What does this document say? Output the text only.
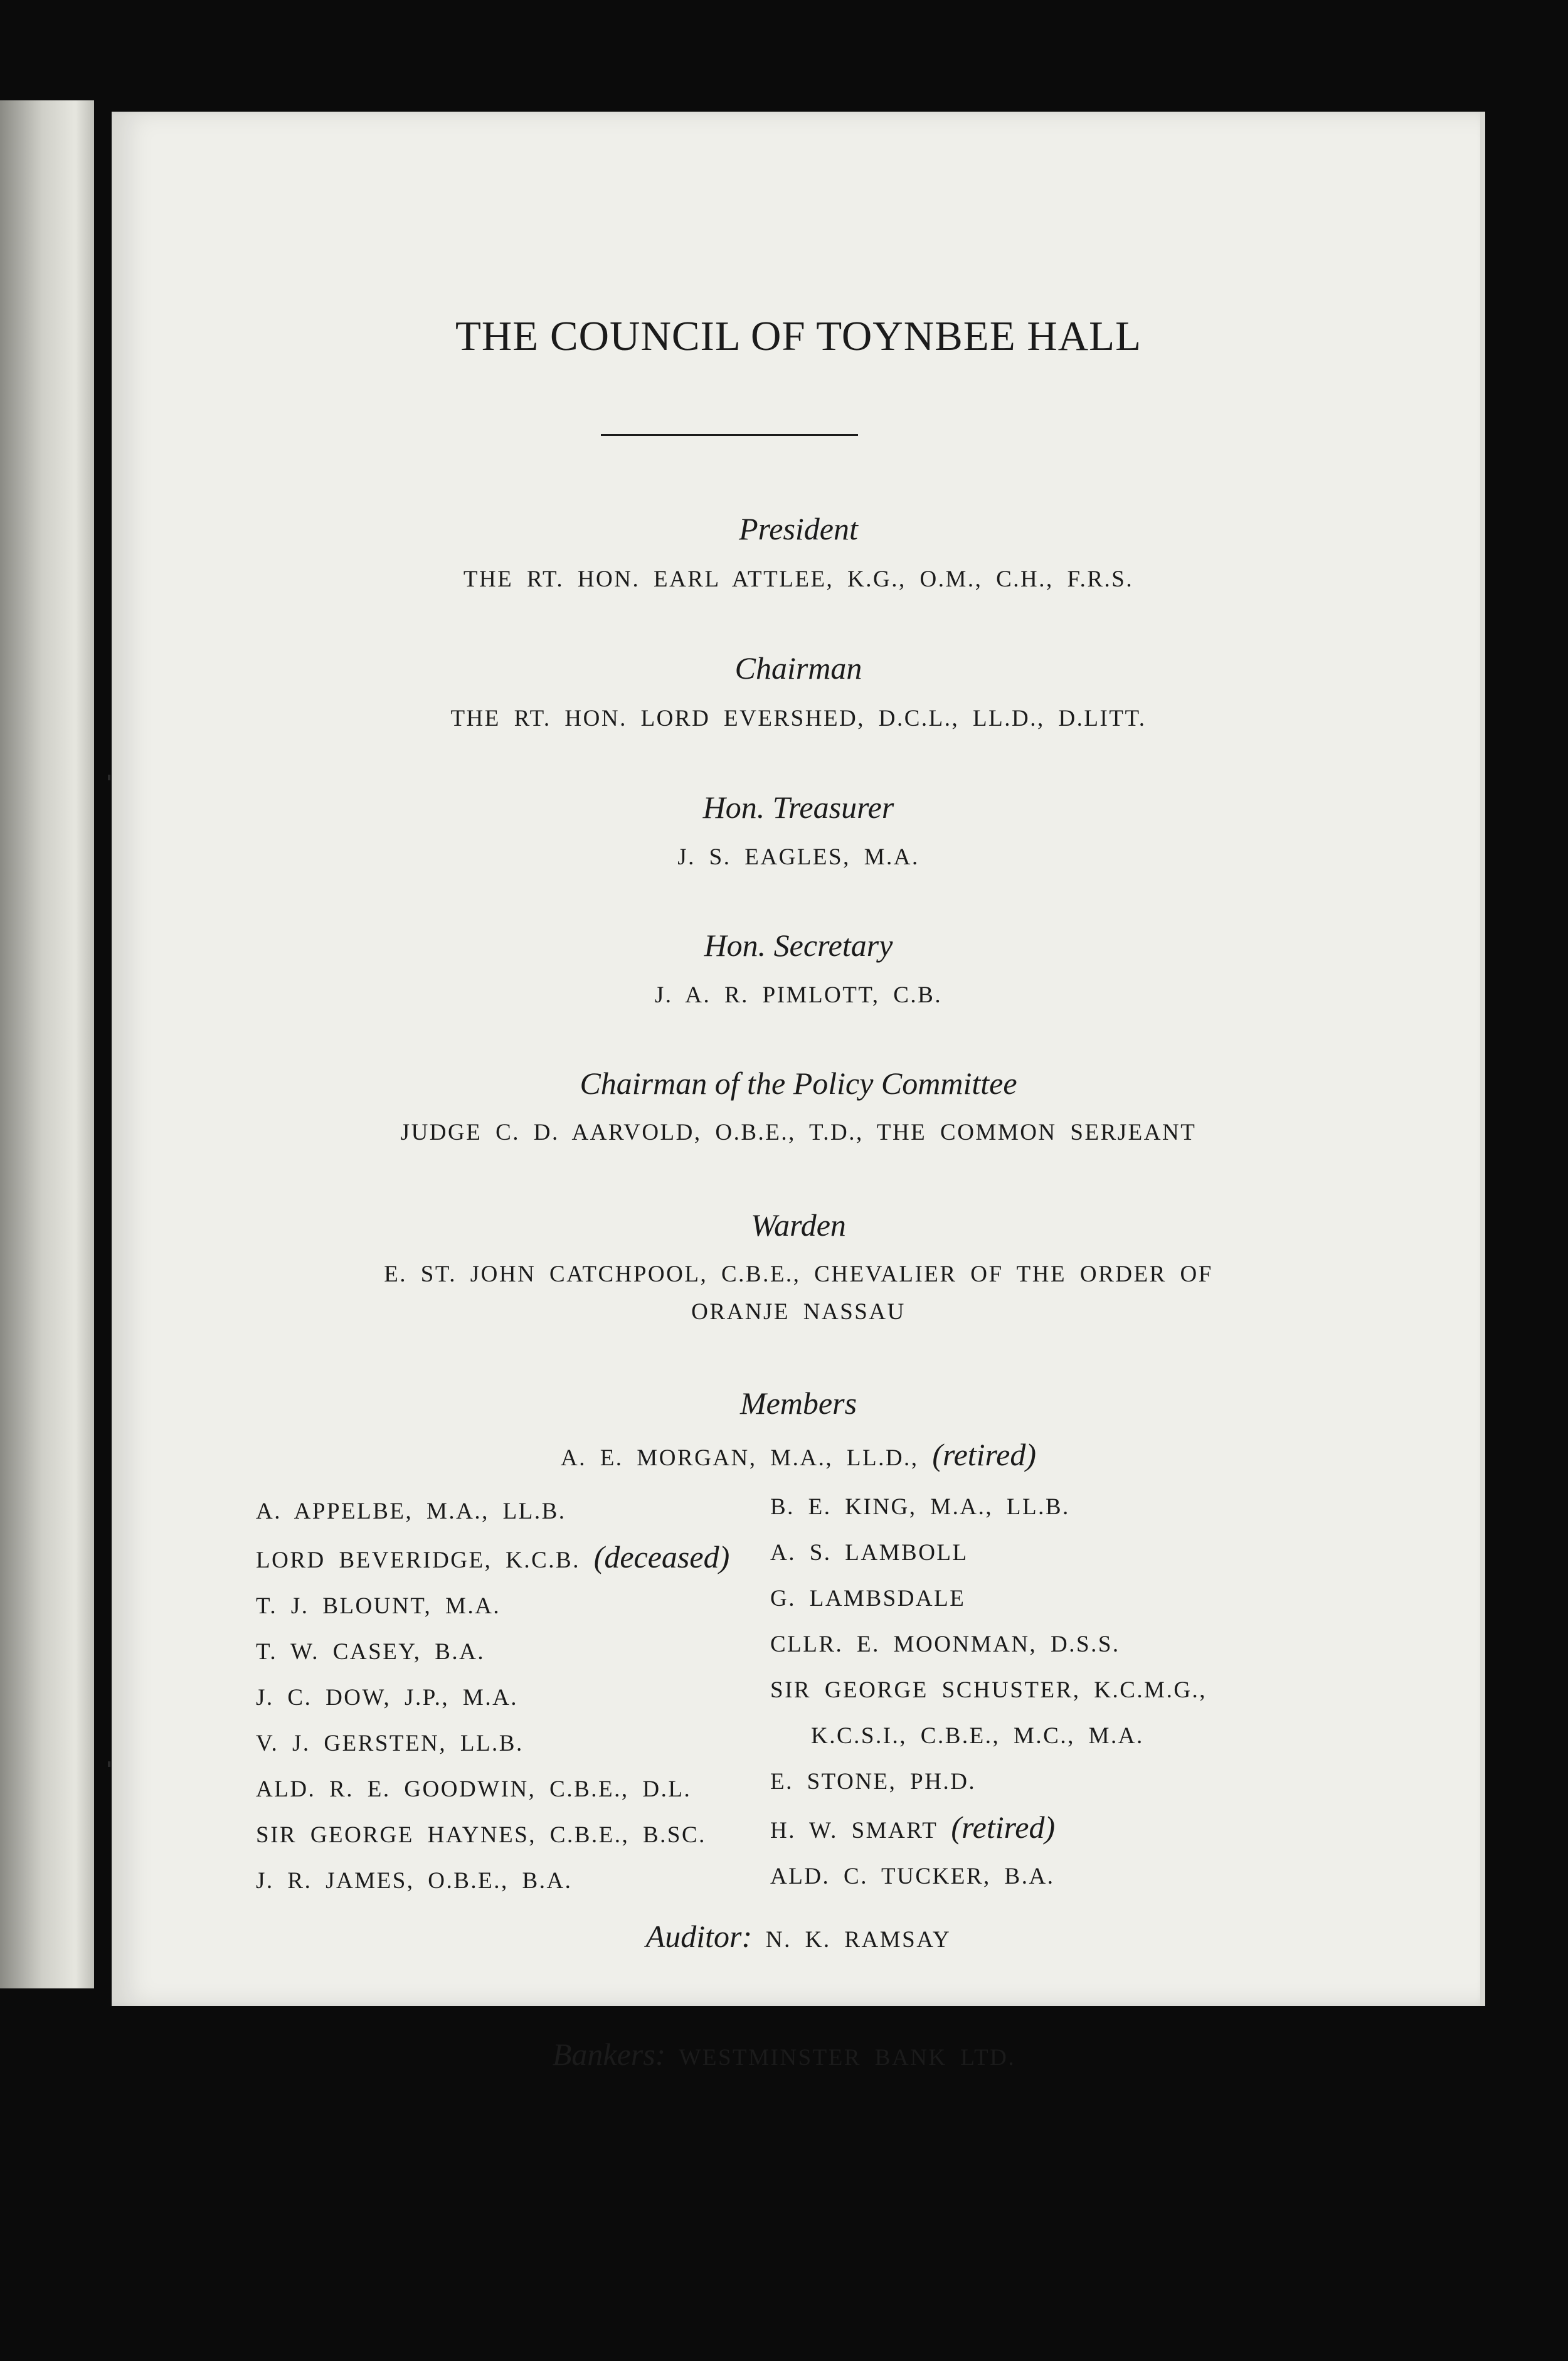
THE COUNCIL OF TOYNBEE HALL
President
THE RT. HON. EARL ATTLEE, K.G., O.M., C.H., F.R.S.
Chairman
THE RT. HON. LORD EVERSHED, D.C.L., LL.D., D.LITT.
Hon. Treasurer
J. S. EAGLES, M.A.
Hon. Secretary
J. A. R. PIMLOTT, C.B.
Chairman of the Policy Committee
JUDGE C. D. AARVOLD, O.B.E., T.D., THE COMMON SERJEANT
Warden
E. ST. JOHN CATCHPOOL, C.B.E., CHEVALIER OF THE ORDER OF
ORANJE NASSAU
Members
A. E. MORGAN, M.A., LL.D., (retired)
A. APPELBE, M.A., LL.B.
LORD BEVERIDGE, K.C.B. (deceased)
T. J. BLOUNT, M.A.
T. W. CASEY, B.A.
J. C. DOW, J.P., M.A.
V. J. GERSTEN, LL.B.
ALD. R. E. GOODWIN, C.B.E., D.L.
SIR GEORGE HAYNES, C.B.E., B.SC.
J. R. JAMES, O.B.E., B.A.
B. E. KING, M.A., LL.B.
A. S. LAMBOLL
G. LAMBSDALE
CLLR. E. MOONMAN, D.S.S.
SIR GEORGE SCHUSTER, K.C.M.G.,
K.C.S.I., C.B.E., M.C., M.A.
E. STONE, PH.D.
H. W. SMART (retired)
ALD. C. TUCKER, B.A.
Auditor: N. K. RAMSAY
Bankers: WESTMINSTER BANK LTD.
